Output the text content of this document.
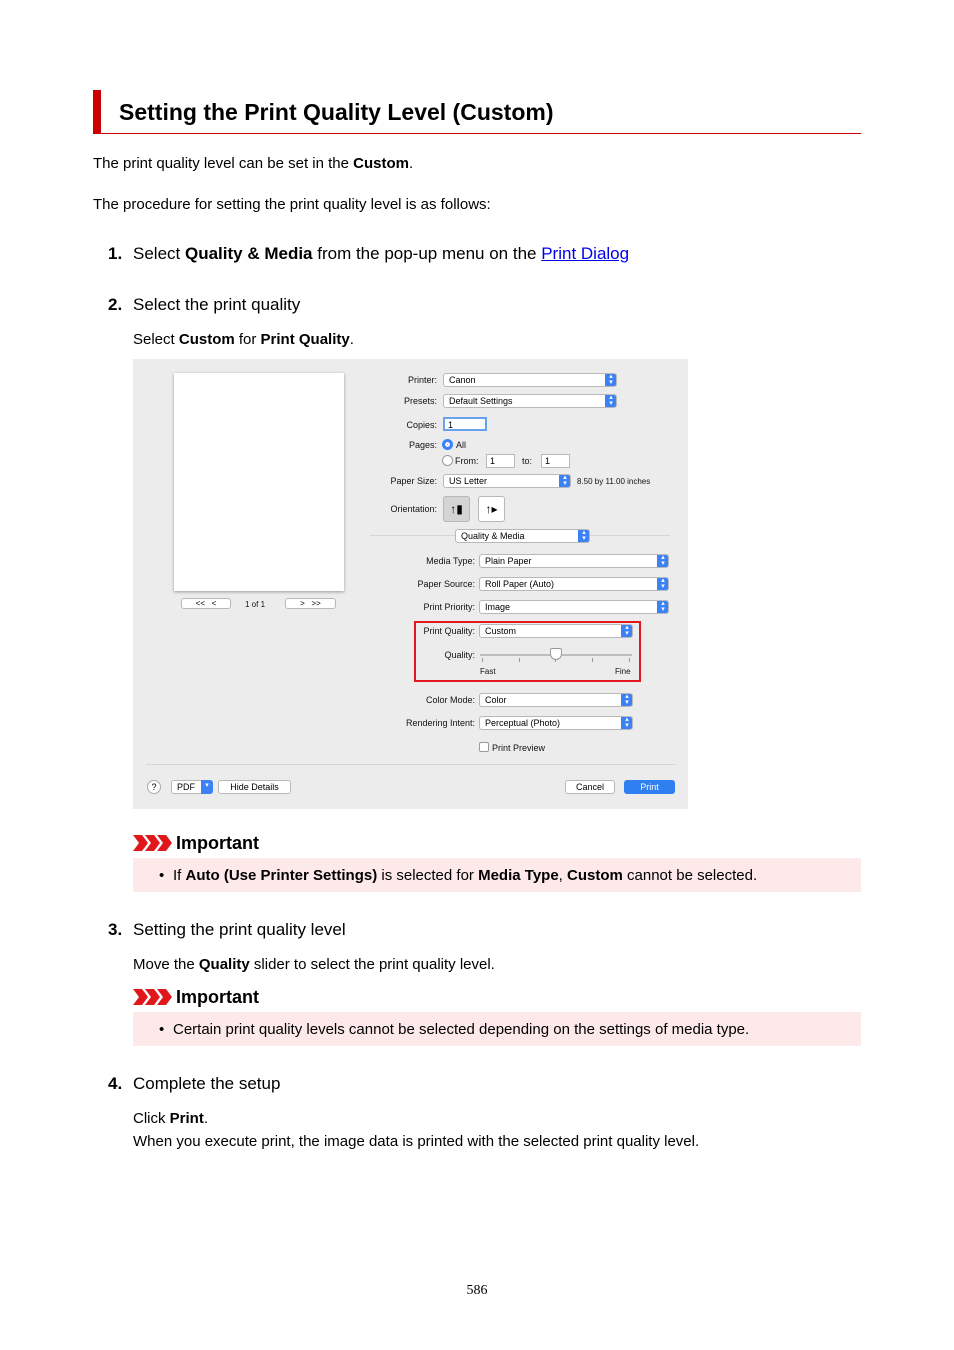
Setting the Print Quality Level (Custom)
The print quality level can be set in the Custom.
The procedure for setting the print quality level is as follows:
1. Select Quality & Media from the pop-up menu on the Print Dialog
2. Select the print quality
Select Custom for Print Quality.
<<   <	1 of 1	>   >>
Printer:	Canon	▴
▾
Presets:	Default Settings	▴
▾
Copies:	1
Pages: All
From:	1	to:	1
Paper Size:	US Letter	▴
▾	8.50 by 11.00 inches
Orientation:	↑▮	↑▸
Quality & Media	▴
▾
Media Type:	Plain Paper	▴
▾
Paper Source:	Roll Paper (Auto)	▴
▾
Print Priority:	Image	▴
▾
Print Quality:	Custom	▴
▾
Quality:
Fast	Fine
Color Mode:	Color	▴
▾
Rendering Intent:	Perceptual (Photo)	▴
▾
Print Preview
?	PDF	▾	Hide Details	Cancel	Print
Important
• If Auto (Use Printer Settings) is selected for Media Type, Custom cannot be selected.
3. Setting the print quality level
Move the Quality slider to select the print quality level.
Important
• Certain print quality levels cannot be selected depending on the settings of media type.
4. Complete the setup
Click Print.
When you execute print, the image data is printed with the selected print quality level.
586
